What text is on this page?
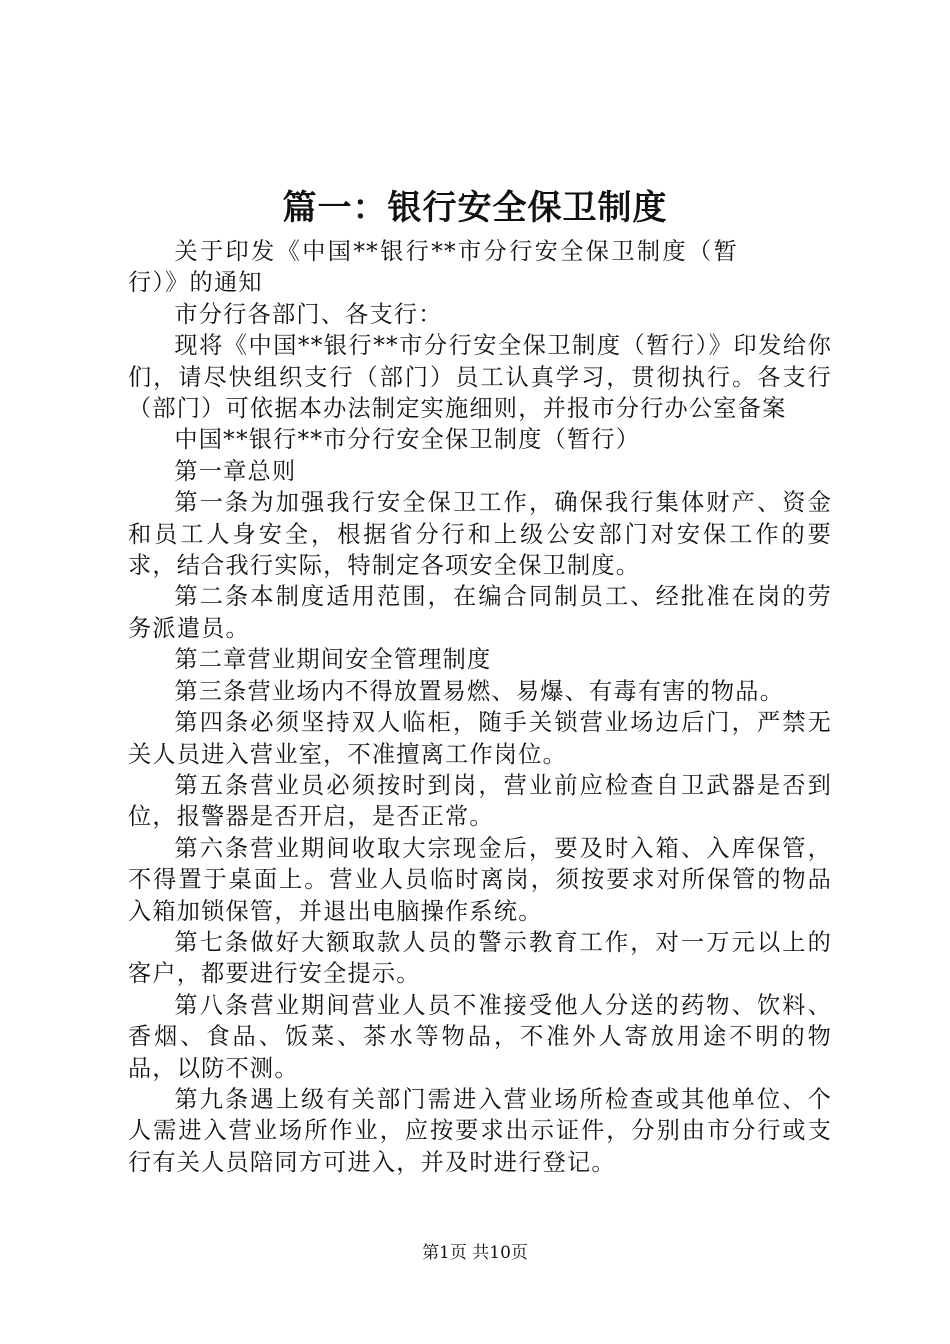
篇一：银行安全保卫制度

关于印发《中国**银行**市分行安全保卫制度（暂行）》的通知

市分行各部门、各支行：

现将《中国**银行**市分行安全保卫制度（暂行）》印发给你们，请尽快组织支行（部门）员工认真学习，贯彻执行。各支行（部门）可依据本办法制定实施细则，并报市分行办公室备案

中国**银行**市分行安全保卫制度（暂行）

第一章总则

第一条为加强我行安全保卫工作，确保我行集体财产、资金和员工人身安全，根据省分行和上级公安部门对安保工作的要求，结合我行实际，特制定各项安全保卫制度。

第二条本制度适用范围，在编合同制员工、经批准在岗的劳务派遣员。

第二章营业期间安全管理制度

第三条营业场内不得放置易燃、易爆、有毒有害的物品。

第四条必须坚持双人临柜，随手关锁营业场边后门，严禁无关人员进入营业室，不准擅离工作岗位。

第五条营业员必须按时到岗，营业前应检查自卫武器是否到位，报警器是否开启，是否正常。

第六条营业期间收取大宗现金后，要及时入箱、入库保管，不得置于桌面上。营业人员临时离岗，须按要求对所保管的物品入箱加锁保管，并退出电脑操作系统。

第七条做好大额取款人员的警示教育工作，对一万元以上的客户，都要进行安全提示。

第八条营业期间营业人员不准接受他人分送的药物、饮料、香烟、食品、饭菜、茶水等物品，不准外人寄放用途不明的物品，以防不测。

第九条遇上级有关部门需进入营业场所检查或其他单位、个人需进入营业场所作业，应按要求出示证件，分别由市分行或支行有关人员陪同方可进入，并及时进行登记。

第1页 共10页
